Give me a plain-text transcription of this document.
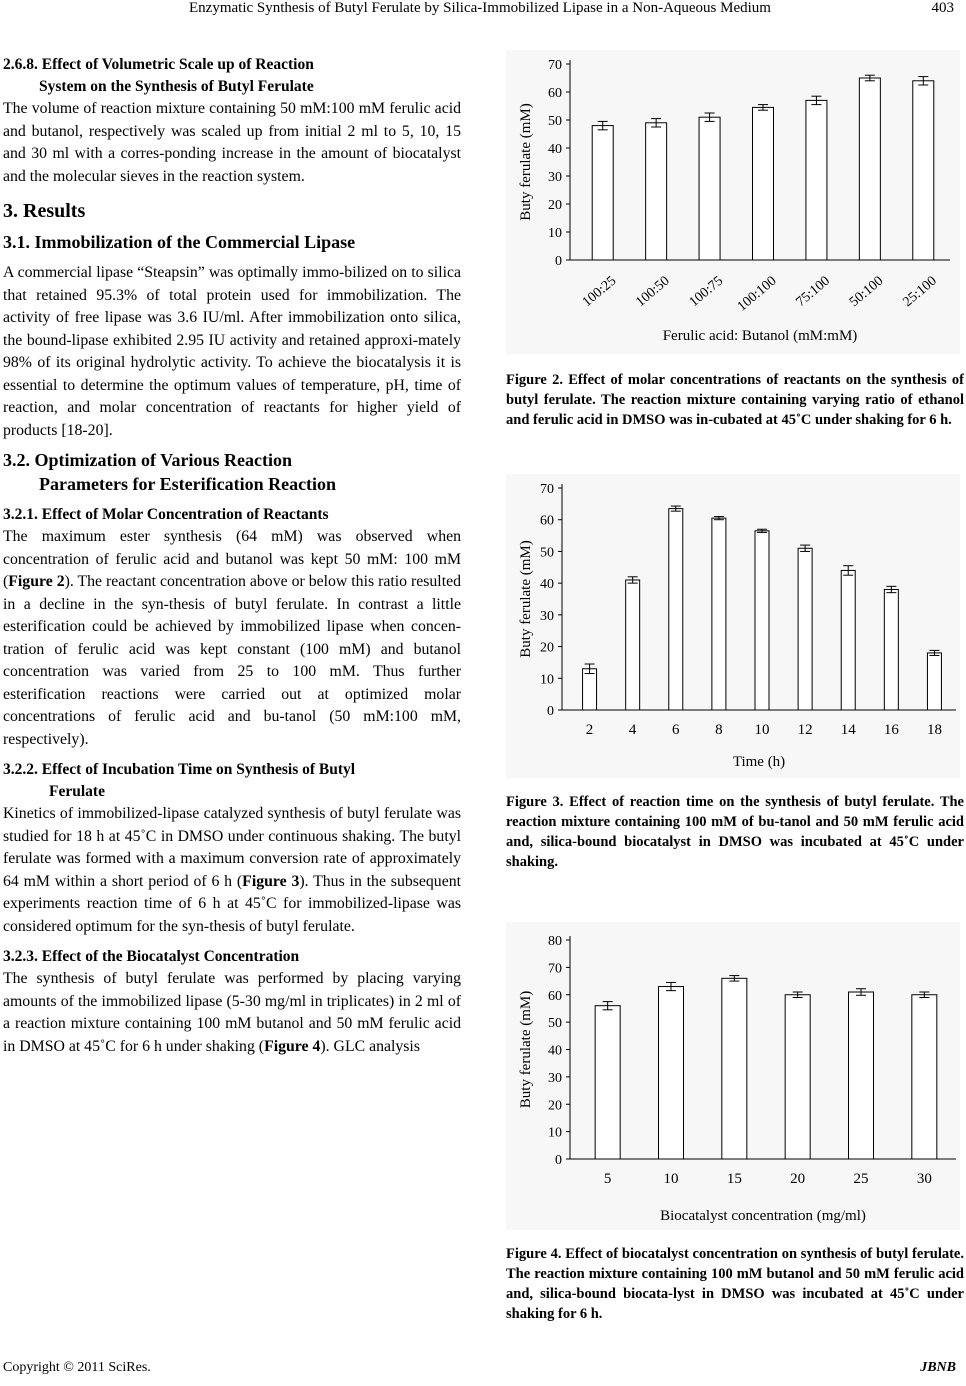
Enzymatic Synthesis of Butyl Ferulate by Silica-Immobilized Lipase in a Non-Aqueous Medium	403
2.6.8. Effect of Volumetric Scale up of Reaction
System on the Synthesis of Butyl Ferulate

The volume of reaction mixture containing 50 mM:100 mM ferulic acid and butanol, respectively was scaled up from initial 2 ml to 5, 10, 15 and 30 ml with a corres-ponding increase in the amount of biocatalyst and the molecular sieves in the reaction system.

3. Results
3.1. Immobilization of the Commercial Lipase

A commercial lipase “Steapsin” was optimally immo-bilized on to silica that retained 95.3% of total protein used for immobilization. The activity of free lipase was 3.6 IU/ml. After immobilization onto silica, the bound-lipase exhibited 2.95 IU activity and retained approxi-mately 98% of its original hydrolytic activity. To achieve the biocatalysis it is essential to determine the optimum values of temperature, pH, time of reaction, and molar concentration of reactants for higher yield of products [18-20].

3.2. Optimization of Various Reaction
Parameters for Esterification Reaction
3.2.1. Effect of Molar Concentration of Reactants

The maximum ester synthesis (64 mM) was observed when concentration of ferulic acid and butanol was kept 50 mM: 100 mM (Figure 2). The reactant concentration above or below this ratio resulted in a decline in the syn-thesis of butyl ferulate. In contrast a little esterification could be achieved by immobilized lipase when concen-tration of ferulic acid was kept constant (100 mM) and butanol concentration was varied from 25 to 100 mM. Thus further esterification reactions were carried out at optimized molar concentrations of ferulic acid and bu-tanol (50 mM:100 mM, respectively).

3.2.2. Effect of Incubation Time on Synthesis of Butyl
Ferulate

Kinetics of immobilized-lipase catalyzed synthesis of butyl ferulate was studied for 18 h at 45˚C in DMSO under continuous shaking. The butyl ferulate was formed with a maximum conversion rate of approximately 64 mM within a short period of 6 h (Figure 3). Thus in the subsequent experiments reaction time of 6 h at 45˚C for immobilized-lipase was considered optimum for the syn-thesis of butyl ferulate.

3.2.3. Effect of the Biocatalyst Concentration

The synthesis of butyl ferulate was performed by placing varying amounts of the immobilized lipase (5-30 mg/ml in triplicates) in 2 ml of a reaction mixture containing 100 mM butanol and 50 mM ferulic acid in DMSO at 45˚C for 6 h under shaking (Figure 4). GLC analysis

0
10
20
30
40
50
60
70
100:25 100:50 100:75 100:100 75:100 50:100 25:100
Ferulic acid: Butanol (mM:mM)
Buty ferulate (mM)
Figure 2. Effect of molar concentrations of reactants on the synthesis of butyl ferulate. The reaction mixture containing varying ratio of ethanol and ferulic acid in DMSO was in-cubated at 45˚C under shaking for 6 h.
0
10
20
30
40
50
60
70
2 4 6 8 10 12 14 16 18
Time (h)
Buty ferulate (mM)
Figure 3. Effect of reaction time on the synthesis of butyl ferulate. The reaction mixture containing 100 mM of bu-tanol and 50 mM ferulic acid and, silica-bound biocatalyst in DMSO was incubated at 45˚C under shaking.
0
10
20
30
40
50
60
70
80
5	10	15	20	25	30
Biocatalyst concentration (mg/ml)
Buty ferulate (mM)
Figure 4. Effect of biocatalyst concentration on synthesis of butyl ferulate. The reaction mixture containing 100 mM butanol and 50 mM ferulic acid and, silica-bound biocata-lyst in DMSO was incubated at 45˚C under shaking for 6 h.
Copyright © 2011 SciRes.	JBNB
